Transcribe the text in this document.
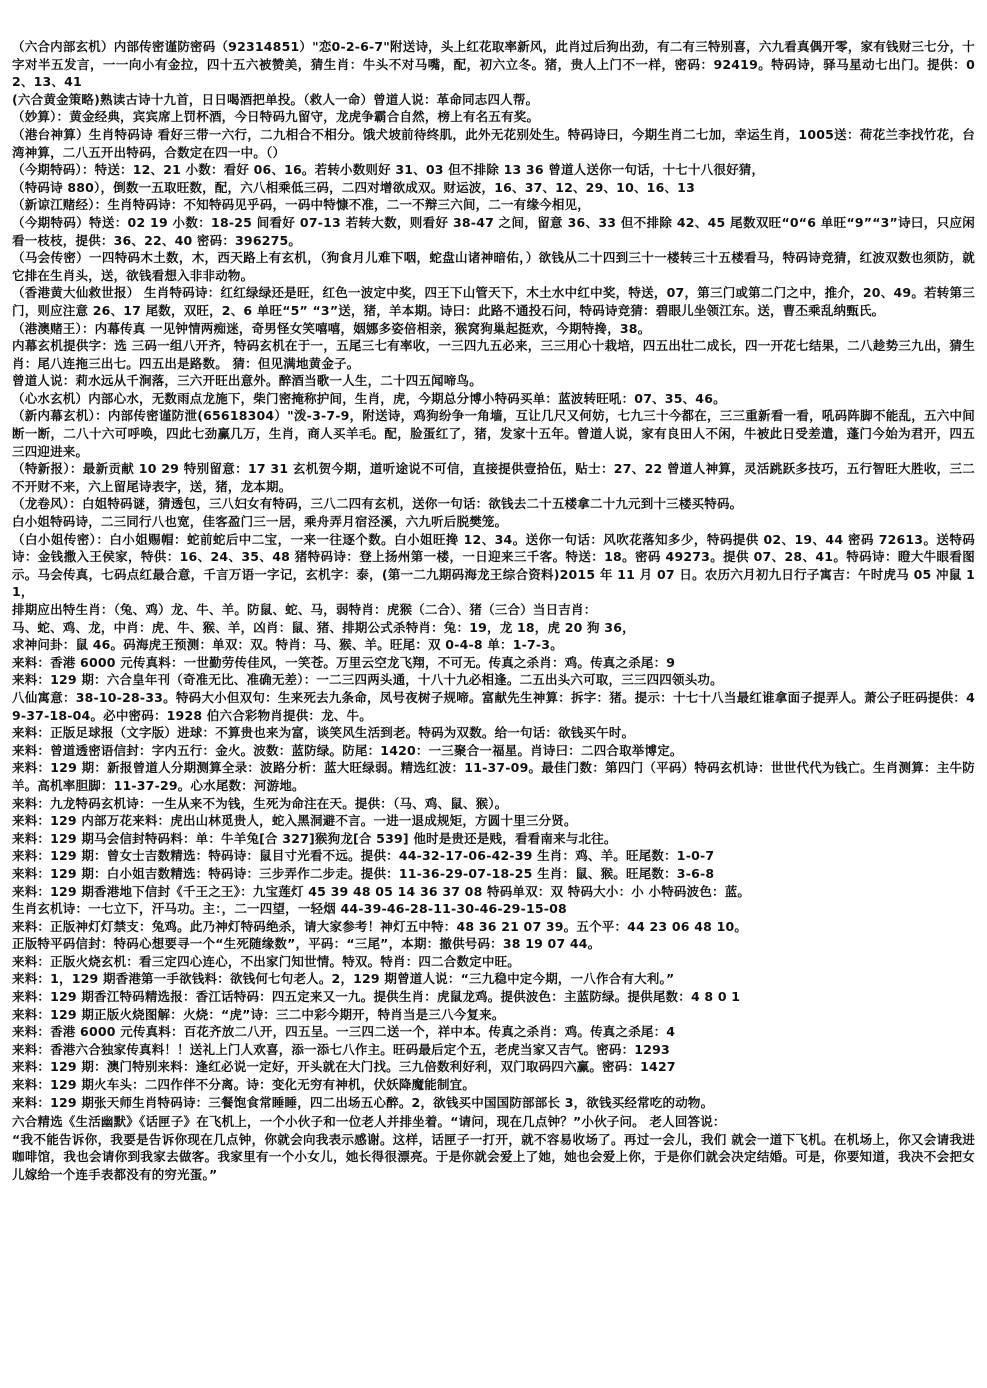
（六合内部玄机）内部传密谨防密码（92314851）"恋0-2-6-7"附送诗，头上红花取率新风，此肖过后狗出劲，有二有三特别喜，六九看真偶开零，家有钱财三七分，十字对半五发言，一一向小有金拉，四十五六被赞美，猜生肖：牛头不对马嘴，配，初六立冬。猪，贵人上门不一样，密码：92419。特码诗，驿马星动七出门。提供：02、13、41

(六合黄金策略)熟读古诗十九首，日日喝酒把单投。（救人一命）曾道人说：革命同志四人帮。

（妙算）：黄金经典，宾宾席上罚杯酒，今日特码九留守，龙虎争霸合自然，榜上有名五有奖。

（港台神算）生肖特码诗 看好三带一六行，二九相合不相分。饿犬坡前待终肌，此外无花别处生。特码诗曰，今期生肖二七加，幸运生肖，1005送：荷花兰李找竹花，台湾神算，二八五开出特码，合数定在四一中。（）

（今期特码）：特送：12、21 小数：看好 06、16。若转小数则好 31、03 但不排除 13 36 曾道人送你一句话，十七十八很好猜，

（特码诗 880），倒数一五取旺数，配，六八相乘低三码，二四对增欲成双。财运波，16、37、12、29、10、16、13

（新谅江赌经）：生肖特码诗：不知特码见乎码，一码中特慷不准，二一不辩三六间，二一有缘今相见，

（今期特码）特送：02 19 小数：18-25 间看好 07-13 若转大数，则看好 38-47 之间，留意 36、33 但不排除 42、45 尾数双旺“0“6 单旺“9”“3”诗曰，只应闲看一枝枝，提供：36、22、40 密码：396275。

（马会传密）一四特码木土数，木，西天路上有玄机，（狗食月儿难下咽，蛇盘山诸神暗佑，）欲钱从二十四到三十一楼转三十五楼看马，特码诗竞猜，红波双数也须防，就它排在生肖头，送，欲钱看想入非非动物。

（香港黄大仙救世报） 生肖特码诗：红红绿绿还是旺，红色一波定中奖，四王下山管天下，木土水中红中奖，特送，07，第三门或第二门之中，推介，20、49。若转第三门，则应注意 26、17 尾数，双旺，2、6 单旺“5” “3”送，猪，羊本期。诗曰：此路不通投石问，特码诗竞猜：碧眼儿坐领江东。送，曹丕乘乱纳甄氏。

（港澳赌王）：内幕传真 一见钟情两痴迷，奇男怪女笑嘻嘻，姻娜多姿倍相亲，猴窝狗巢起挺欢，今期特搀，38。

内幕玄机提供字：选 三码一组八开齐，特码玄机在于一，五尾三七有率收，一三四九五必来，三三用心十栽培，四五出壮二成长，四一开花七结果，二八趁势三九出，猜生肖：尾八连拖三出七。四五出是路数。 猜：但见满地黄金子。

曾道人说：莉水远从千涧落，三六开旺出意外。醉酒当歌一人生，二十四五闻啼鸟。

（心水玄机）内部心水，无数雨点龙施下，柴门密掩称护间，生肖，虎，今期总分博小特码买单：蓝波转旺吼：07、35、46。

（新内幕玄机）：内部传密谨防泄(65618304）"泼-3-7-9，附送诗，鸡狗纷争一角墙，互让几尺又何妨，七九三十今都在，三三重新看一看，吼码阵脚不能乱，五六中间断一断，二八十六可呼唤，四此七劲赢几万，生肖，商人买羊毛。配，脸蛋红了，猪，发家十五年。曾道人说，家有良田人不闲，牛被此日受差遣，蓬门今始为君开，四五三四迎进来。

（特新报）：最新贡献 10 29 特别留意：17 31 玄机贺今期，道听途说不可信，直接提供壹拾伍，贴士：27、22 曾道人神算，灵活跳跃多技巧，五行智旺大胜收，三二不开财不来，六上留尾诗表字，送，猪，龙本期。

（龙卷风）：白姐特码谜，猜透包，三八妇女有特码，三八二四有玄机，送你一句话：欲钱去二十五楼拿二十九元到十三楼买特码。

白小姐特码诗，二三同行八也宽，佳客盈门三一居，乘舟弄月宿泾溪，六九听后脱樊笼。

（白小姐传密）：白小姐赐帽：蛇前蛇后中二宝，一来一往逐个数。白小姐旺搀 12、34。送你一句话：风吹花落知多少，特码提供 02、19、44 密码 72613。送特码诗：金钱撒入王侯家，特供：16、24、35、48 猪特码诗：登上扬州第一楼，一日迎来三千客。特送：18。密码 49273。提供 07、28、41。特码诗：瞪大牛眼看图示。马会传真，七码点红最合意，千言万语一字记，玄机字：泰，(第一二九期码海龙王综合资料)2015 年 11 月 07 日。农历六月初九日行子寓吉：午时虎马 05 冲鼠 11，

排期应出特生肖：（兔、鸡）龙、牛、羊。防鼠、蛇、马，弱特肖：虎猴（二合）、猪（三合）当日吉肖：

马、蛇、鸡、龙，中肖：虎、牛、猴、羊，凶肖：鼠、猪、排期公式杀特肖：兔：19，龙 18，虎 20 狗 36，

求神问卦：鼠 46。码海虎王预测：单双：双。特肖：马、猴、羊。旺尾：双 0-4-8 单：1-7-3。

来料：香港 6000 元传真料：一世勤劳传佳风，一笑苍。万里云空龙飞翔，不可无。传真之杀肖：鸡。传真之杀尾：9

来料：129 期：六合皇年刊（奇准无比、准确无差）：一二三四两头通，十八十九必相逢。二五出头六可取，三三四四领头功。

八仙寓意：38-10-28-33。特码大小但双句：生来死去九条命，凤号夜树子规啼。富献先生神算：拆字：猪。提示：十七十八当最红谁拿面子提弄人。萧公子旺码提供：49-37-18-04。必中密码：1928 伯六合彩物肖提供：龙、牛。

来料：正版足球报（文字版）进球：不算贵也来为富，谈笑风生活到老。特码为双数。给一句话：欲钱买午时。

来料：曾道透密语信封：字内五行：金火。波数：蓝防绿。防尾：1420：一三聚合一福星。肖诗曰：二四合取举博定。

来料：129 期：新报曾道人分期测算全录：波路分析：蓝大旺绿弱。精选红波：11-37-09。最佳门数：第四门（平码）特码玄机诗：世世代代为钱亡。生肖测算：主牛防羊。高机率胆脚：11-37-29。心水尾数：河游地。

来料：九龙特码玄机诗：一生从来不为钱，生死为命注在天。提供：（马、鸡、鼠、猴）。

来料：129 内部万花来料：虎出山林觅贵人，蛇入黑洞避不言。一进一退成规矩，方圆十里三分贤。

来料：129 期马会信封特码料：单：牛羊兔[合 327]猴狗龙[合 539] 他时是贵还是贱，看看南来与北往。

来料：129 期：曾女士吉数精选：特码诗：鼠目寸光看不远。提供：44-32-17-06-42-39 生肖：鸡、羊。旺尾数：1-0-7

来料：129 期：白小姐吉数精选：特码诗：三步弄作二步走。提供：11-36-29-07-18-25 生肖：鼠、猴。旺尾数：3-6-8

来料：129 期香港地下信封《千王之王》：九宝莲灯 45 39 48 05 14 36 37 08 特码单双：双 特码大小：小 小特码波色：蓝。

生肖玄机诗：一七立下，汗马功。主：，二一四望，一轻烟 44-39-46-28-11-30-46-29-15-08

来料：正版神灯灯禁支：兔鸡。此乃神灯特码绝杀，请大家参考！神灯五中特：48 36 21 07 39。五个平：44 23 06 48 10。

正版特平码信封：特码心想要寻一个“生死随缘数”，平码：“三尾”，本期：撤供号码：38 19 07 44。

来料：正版火烧玄机：看三定四心连心，不出家门知世情。特双。特肖：四二合数定中旺。

来料：1，129 期香港第一手欲钱料：欲钱何七句老人。2，129 期曾道人说：“三九稳中定今期，一八作合有大利。”

来料：129 期香江特码精选报：香江话特码：四五定来又一九。提供生肖：虎鼠龙鸡。提供波色：主蓝防绿。提供尾数：4 8 0 1

来料：129 期正版火烧图解：火烧：“虎”诗：三二中彩今期开，特肖当是三八今复来。

来料：香港 6000 元传真料：百花齐放二八开，四五呈。一三四二送一个，祥中本。传真之杀肖：鸡。传真之杀尾：4

来料：香港六合独家传真料！！送礼上门人欢喜，添一添七八作主。旺码最后定个五，老虎当家又吉气。密码：1293

来料：129 期：澳门特别来料：逢红必说一定好，开头就在大门找。三九倍数利好利，双门取码四六赢。密码：1427

来料：129 期火车头：二四作伴不分离。诗：变化无穷有神机，伏妖降魔能制宜。

来料：129 期张天师生肖特码诗：三餐饱食常睡睡，四二出场五心醉。2，欲钱买中国国防部部长 3，欲钱买经常吃的动物。

六合精选《生活幽默》《话匣子》在飞机上，一个小伙子和一位老人并排坐着。“请问，现在几点钟？”小伙子问。 老人回答说：

“我不能告诉你，我要是告诉你现在几点钟，你就会向我表示感谢。这样，话匣子一打开，就不容易收场了。再过一会儿，我们 就会一道下飞机。在机场上，你又会请我进咖啡馆，我也会请你到我家去做客。我家里有一个小女儿，她长得很漂亮。于是你就会爱上了她，她也会爱上你，于是你们就会决定结婚。可是，你要知道，我决不会把女儿嫁给一个连手表都没有的穷光蛋。”
